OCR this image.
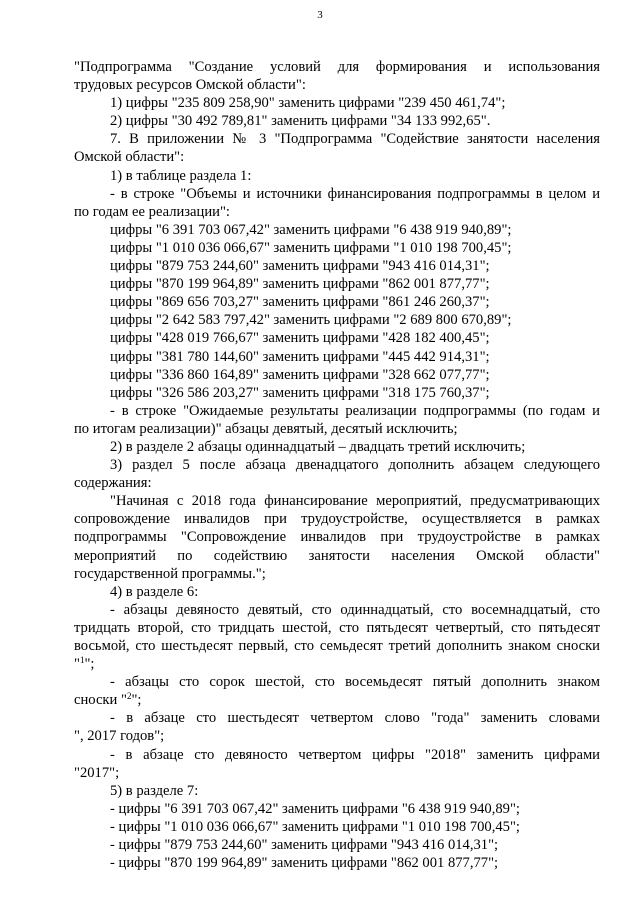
3

"Подпрограмма "Создание условий для формирования и использования

трудовых ресурсов Омской области":

1) цифры "235 809 258,90" заменить цифрами "239 450 461,74";

2) цифры "30 492 789,81" заменить цифрами "34 133 992,65".

7. В приложении № 3 "Подпрограмма "Содействие занятости населения

Омской области":

1) в таблице раздела 1:

- в строке "Объемы и источники финансирования подпрограммы в целом и

по годам ее реализации":

цифры "6 391 703 067,42" заменить цифрами "6 438 919 940,89";

цифры "1 010 036 066,67" заменить цифрами "1 010 198 700,45";

цифры "879 753 244,60" заменить цифрами "943 416 014,31";

цифры "870 199 964,89" заменить цифрами "862 001 877,77";

цифры "869 656 703,27" заменить цифрами "861 246 260,37";

цифры "2 642 583 797,42" заменить цифрами "2 689 800 670,89";

цифры "428 019 766,67" заменить цифрами "428 182 400,45";

цифры "381 780 144,60" заменить цифрами "445 442 914,31";

цифры "336 860 164,89" заменить цифрами "328 662 077,77";

цифры "326 586 203,27" заменить цифрами "318 175 760,37";

- в строке "Ожидаемые результаты реализации подпрограммы (по годам и

по итогам реализации)" абзацы девятый, десятый исключить;

2) в разделе 2 абзацы одиннадцатый – двадцать третий исключить;

3) раздел 5 после абзаца двенадцатого дополнить абзацем следующего

содержания:

"Начиная с 2018 года финансирование мероприятий, предусматривающих

сопровождение инвалидов при трудоустройстве, осуществляется в рамках

подпрограммы "Сопровождение инвалидов при трудоустройстве в рамках

мероприятий по содействию занятости населения Омской области"

государственной программы.";

4) в разделе 6:

- абзацы девяносто девятый, сто одиннадцатый, сто восемнадцатый, сто

тридцать второй, сто тридцать шестой, сто пятьдесят четвертый, сто пятьдесят

восьмой, сто шестьдесят первый, сто семьдесят третий дополнить знаком сноски

"$^1$";

- абзацы сто сорок шестой, сто восемьдесят пятый дополнить знаком

сноски "$^2$";

- в абзаце сто шестьдесят четвертом слово "года" заменить словами

", 2017 годов";

- в абзаце сто девяносто четвертом цифры "2018" заменить цифрами

"2017";

5) в разделе 7:

- цифры "6 391 703 067,42" заменить цифрами "6 438 919 940,89";

- цифры "1 010 036 066,67" заменить цифрами "1 010 198 700,45";

- цифры "879 753 244,60" заменить цифрами "943 416 014,31";

- цифры "870 199 964,89" заменить цифрами "862 001 877,77";
